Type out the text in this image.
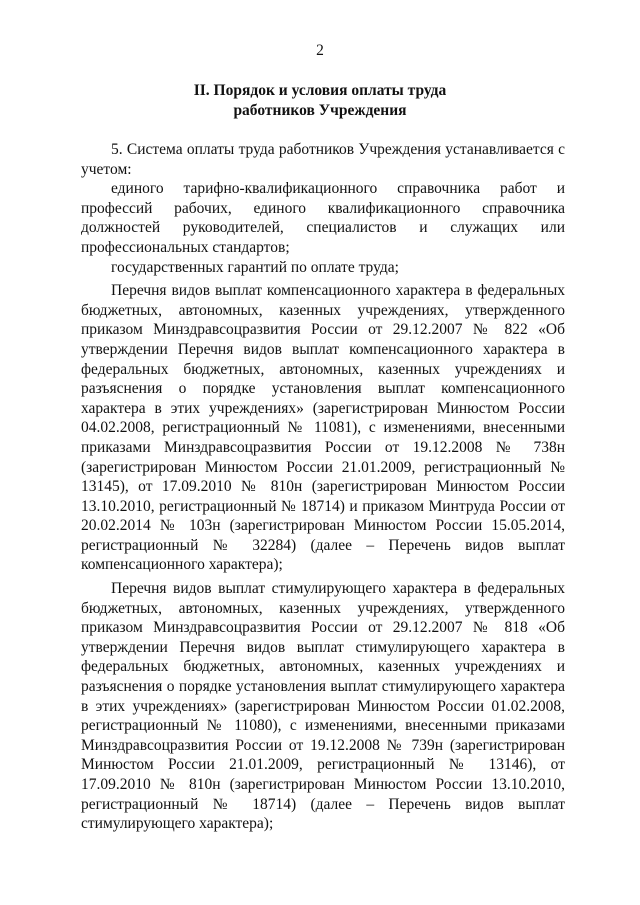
2
II. Порядок и условия оплаты труда
работников Учреждения

5. Система оплаты труда работников Учреждения устанавливается с учетом:

единого тарифно-квалификационного справочника работ и профессий рабочих, единого квалификационного справочника должностей руководителей, специалистов и служащих или профессиональных стандартов;

государственных гарантий по оплате труда;

Перечня видов выплат компенсационного характера в федеральных бюджетных, автономных, казенных учреждениях, утвержденного приказом Минздравсоцразвития России от 29.12.2007 № 822 «Об утверждении Перечня видов выплат компенсационного характера в федеральных бюджетных, автономных, казенных учреждениях и разъяснения о порядке установления выплат компенсационного характера в этих учреждениях» (зарегистрирован Минюстом России 04.02.2008, регистрационный № 11081), с изменениями, внесенными приказами Минздравсоцразвития России от 19.12.2008 № 738н (зарегистрирован Минюстом России 21.01.2009, регистрационный № 13145), от 17.09.2010 № 810н (зарегистрирован Минюстом России 13.10.2010, регистрационный № 18714) и приказом Минтруда России от 20.02.2014 № 103н (зарегистрирован Минюстом России 15.05.2014, регистрационный № 32284) (далее – Перечень видов выплат компенсационного характера);

Перечня видов выплат стимулирующего характера в федеральных бюджетных, автономных, казенных учреждениях, утвержденного приказом Минздравсоцразвития России от 29.12.2007 № 818 «Об утверждении Перечня видов выплат стимулирующего характера в федеральных бюджетных, автономных, казенных учреждениях и разъяснения о порядке установления выплат стимулирующего характера в этих учреждениях» (зарегистрирован Минюстом России 01.02.2008, регистрационный № 11080), с изменениями, внесенными приказами Минздравсоцразвития России от 19.12.2008 № 739н (зарегистрирован Минюстом России 21.01.2009, регистрационный № 13146), от 17.09.2010 № 810н (зарегистрирован Минюстом России 13.10.2010, регистрационный № 18714) (далее – Перечень видов выплат стимулирующего характера);
